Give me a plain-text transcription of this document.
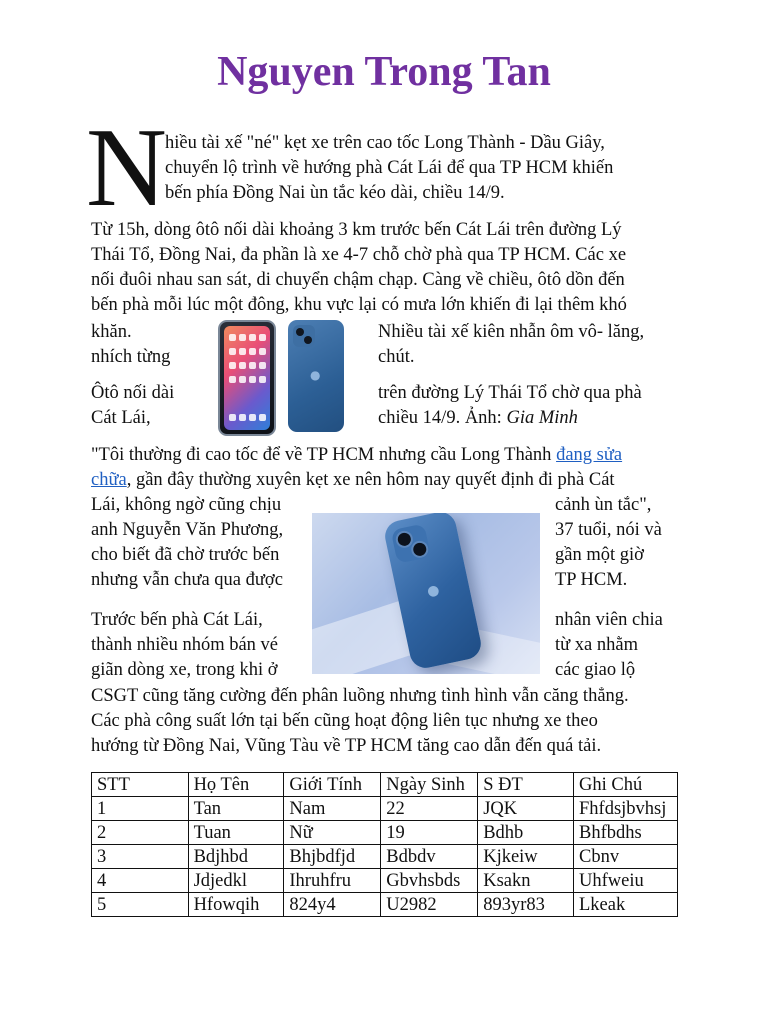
Nguyen Trong Tan
N
hiều tài xế "né" kẹt xe trên cao tốc Long Thành - Dầu Giây,
chuyển lộ trình về hướng phà Cát Lái để qua TP HCM khiến
bến phía Đồng Nai ùn tắc kéo dài, chiều 14/9.
Từ 15h, dòng ôtô nối dài khoảng 3 km trước bến Cát Lái trên đường Lý
Thái Tổ, Đồng Nai, đa phần là xe 4-7 chỗ chờ phà qua TP HCM. Các xe
nối đuôi nhau san sát, di chuyển chậm chạp. Càng về chiều, ôtô dồn đến
bến phà mỗi lúc một đông, khu vực lại có mưa lớn khiến đi lại thêm khó
khăn.
nhích từng
Nhiều tài xế kiên nhẫn ôm vô- lăng,
chút.
●
Ôtô nối dài
Cát Lái,
trên đường Lý Thái Tổ chờ qua phà
chiều 14/9. Ảnh: Gia Minh
"Tôi thường đi cao tốc để về TP HCM nhưng cầu Long Thành đang sửa
chữa, gần đây thường xuyên kẹt xe nên hôm nay quyết định đi phà Cát
Lái, không ngờ cũng chịu
anh Nguyễn Văn Phương,
cho biết đã chờ trước bến
nhưng vẫn chưa qua được
cảnh ùn tắc",
37 tuổi, nói và
gần một giờ
TP HCM.
●
Trước bến phà Cát Lái,
thành nhiều nhóm bán vé
giãn dòng xe, trong khi ở
nhân viên chia
từ xa nhằm
các giao lộ
CSGT cũng tăng cường đến phân luồng nhưng tình hình vẫn căng thẳng.
Các phà công suất lớn tại bến cũng hoạt động liên tục nhưng xe theo
hướng từ Đồng Nai, Vũng Tàu về TP HCM tăng cao dẫn đến quá tải.
STT	Họ Tên	Giới Tính	Ngày Sinh	S ĐT	Ghi Chú
1	Tan	Nam	22	JQK	Fhfdsjbvhsj
2	Tuan	Nữ	19	Bdhb	Bhfbdhs
3	Bdjhbd	Bhjbdfjd	Bdbdv	Kjkeiw	Cbnv
4	Jdjedkl	Ihruhfru	Gbvhsbds	Ksakn	Uhfweiu
5	Hfowqih	824y4	U2982	893yr83	Lkeak
